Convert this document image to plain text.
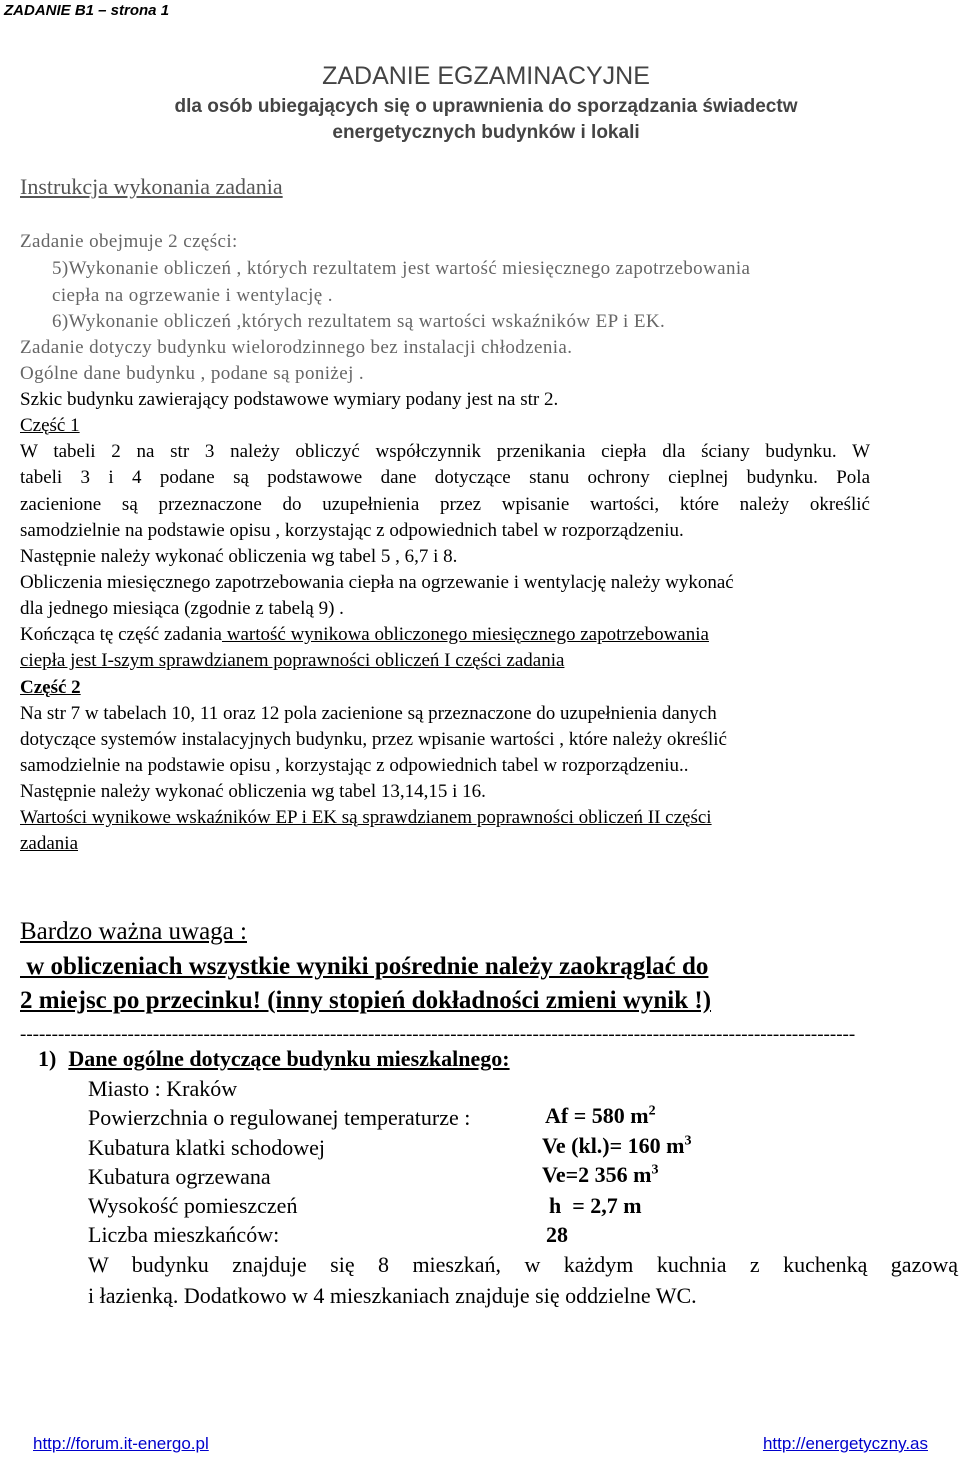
ZADANIE B1 – strona 1
ZADANIE EGZAMINACYJNE
dla osób ubiegających się o uprawnienia do sporządzania świadectw
energetycznych budynków i lokali
Instrukcja wykonania zadania
Zadanie obejmuje 2 części:
5)Wykonanie obliczeń , których rezultatem jest wartość miesięcznego zapotrzebowania
ciepła na ogrzewanie i wentylację .
6)Wykonanie obliczeń ,których rezultatem są wartości wskaźników EP i EK.
Zadanie dotyczy budynku wielorodzinnego bez instalacji chłodzenia.
Ogólne dane budynku , podane są poniżej .
Szkic budynku zawierający podstawowe wymiary podany jest na str 2.
Część 1
W tabeli 2 na str 3 należy obliczyć współczynnik przenikania ciepła dla ściany budynku. W
tabeli 3 i 4 podane są podstawowe dane dotyczące stanu ochrony cieplnej budynku. Pola
zacienione są przeznaczone do uzupełnienia przez wpisanie wartości, które należy określić
samodzielnie na podstawie opisu , korzystając z odpowiednich tabel w rozporządzeniu.
Następnie należy wykonać obliczenia wg tabel 5 , 6,7 i 8.
Obliczenia miesięcznego zapotrzebowania ciepła na ogrzewanie i wentylację należy wykonać
dla jednego miesiąca (zgodnie z tabelą 9) .
Kończąca tę część zadania wartość wynikowa obliczonego miesięcznego zapotrzebowania
ciepła jest I-szym sprawdzianem poprawności obliczeń I części zadania
Część 2
Na str 7 w tabelach 10, 11 oraz 12 pola zacienione są przeznaczone do uzupełnienia danych
dotyczące systemów instalacyjnych budynku, przez wpisanie wartości , które należy określić
samodzielnie na podstawie opisu , korzystając z odpowiednich tabel w rozporządzeniu..
Następnie należy wykonać obliczenia wg tabel 13,14,15 i 16.
Wartości wynikowe wskaźników EP i EK są sprawdzianem poprawności obliczeń II części
zadania
Bardzo ważna uwaga :
w obliczeniach wszystkie wyniki pośrednie należy zaokrąglać do
2 miejsc po przecinku! (inny stopień dokładności zmieni wynik !)
------------------------------------------------------------------------------------------------------------------------------------
1) Dane ogólne dotyczące budynku mieszkalnego:
Miasto : Kraków
Powierzchnia o regulowanej temperaturze :	Af = 580 $m^2$
Kubatura klatki schodowej	Ve (kl.)= 160 $m^3$
Kubatura ogrzewana	Ve=2 356 $m^3$
Wysokość pomieszczeń	h  = 2,7 m
Liczba mieszkańców:	28
W budynku znajduje się 8 mieszkań, w każdym kuchnia z kuchenką gazową
i łazienką. Dodatkowo w 4 mieszkaniach znajduje się oddzielne WC.
http://forum.it-energo.pl	http://energetyczny.as
